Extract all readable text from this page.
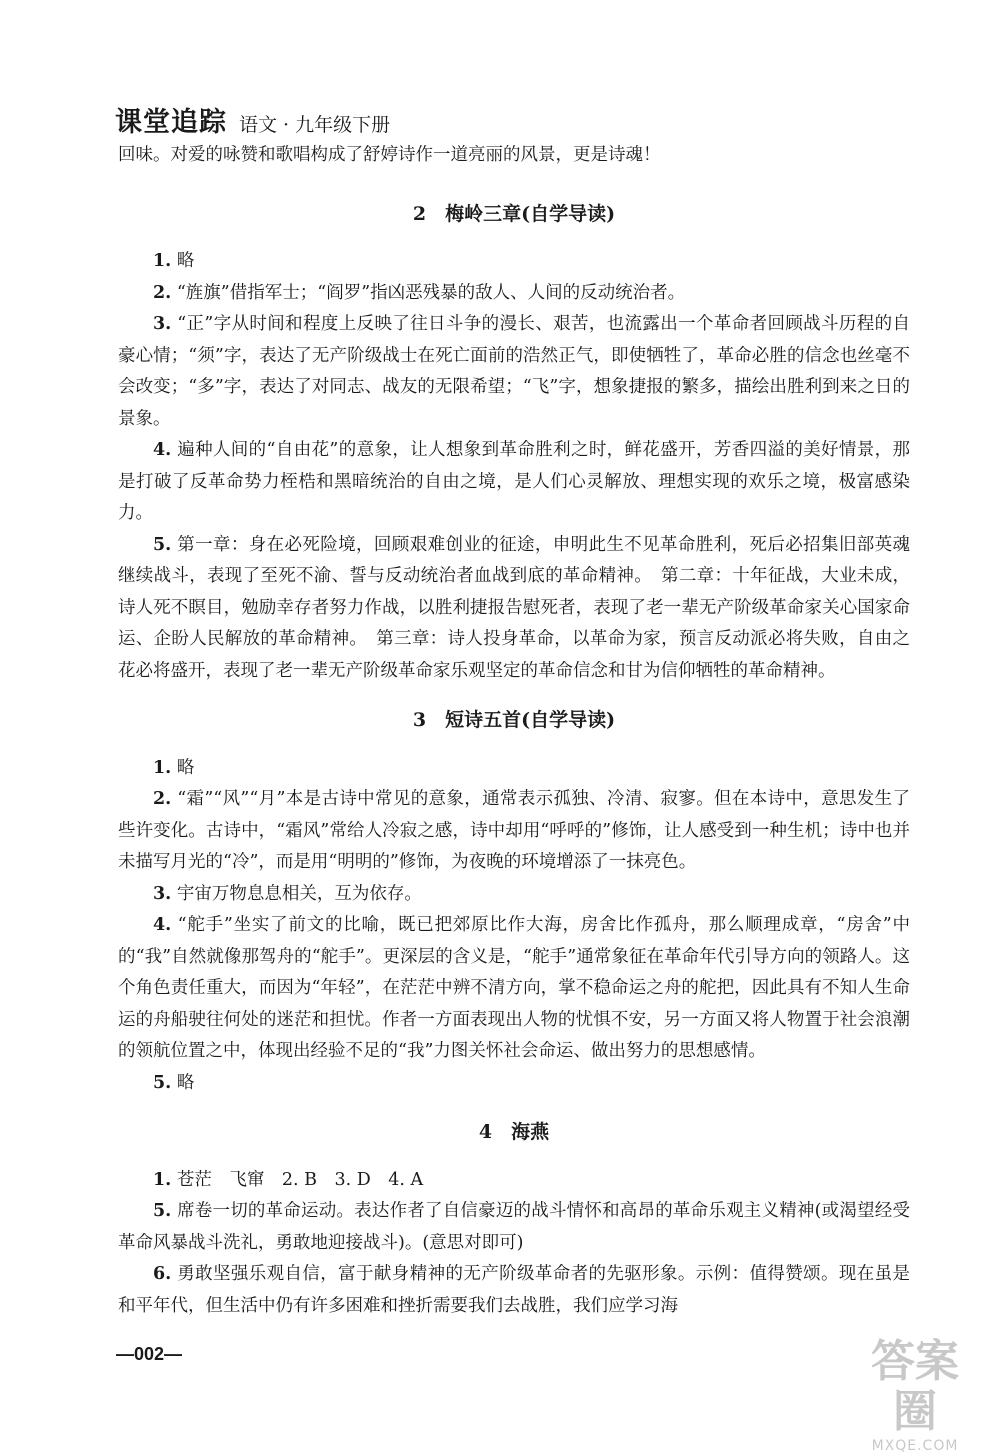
课堂追踪 语文 · 九年级下册

回味。对爱的咏赞和歌唱构成了舒婷诗作一道亮丽的风景，更是诗魂！

2　梅岭三章(自学导读)

1. 略

2. “旌旗”借指军士；“阎罗”指凶恶残暴的敌人、人间的反动统治者。

3. “正”字从时间和程度上反映了往日斗争的漫长、艰苦，也流露出一个革命者回顾战斗历程的自豪心情；“须”字，表达了无产阶级战士在死亡面前的浩然正气，即使牺牲了，革命必胜的信念也丝毫不会改变；“多”字，表达了对同志、战友的无限希望；“飞”字，想象捷报的繁多，描绘出胜利到来之日的景象。

4. 遍种人间的“自由花”的意象，让人想象到革命胜利之时，鲜花盛开，芳香四溢的美好情景，那是打破了反革命势力桎梏和黑暗统治的自由之境，是人们心灵解放、理想实现的欢乐之境，极富感染力。

5. 第一章：身在必死险境，回顾艰难创业的征途，申明此生不见革命胜利，死后必招集旧部英魂继续战斗，表现了至死不渝、誓与反动统治者血战到底的革命精神。　第二章：十年征战，大业未成，诗人死不瞑目，勉励幸存者努力作战，以胜利捷报告慰死者，表现了老一辈无产阶级革命家关心国家命运、企盼人民解放的革命精神。　第三章：诗人投身革命，以革命为家，预言反动派必将失败，自由之花必将盛开，表现了老一辈无产阶级革命家乐观坚定的革命信念和甘为信仰牺牲的革命精神。

3　短诗五首(自学导读)

1. 略

2. “霜”“风”“月”本是古诗中常见的意象，通常表示孤独、冷清、寂寥。但在本诗中，意思发生了些许变化。古诗中，“霜风”常给人冷寂之感，诗中却用“呼呼的”修饰，让人感受到一种生机；诗中也并未描写月光的“冷”，而是用“明明的”修饰，为夜晚的环境增添了一抹亮色。

3. 宇宙万物息息相关，互为依存。

4. “舵手”坐实了前文的比喻，既已把郊原比作大海，房舍比作孤舟，那么顺理成章，“房舍”中的“我”自然就像那驾舟的“舵手”。更深层的含义是，“舵手”通常象征在革命年代引导方向的领路人。这个角色责任重大，而因为“年轻”，在茫茫中辨不清方向，掌不稳命运之舟的舵把，因此具有不知人生命运的舟船驶往何处的迷茫和担忧。作者一方面表现出人物的忧惧不安，另一方面又将人物置于社会浪潮的领航位置之中，体现出经验不足的“我”力图关怀社会命运、做出努力的思想感情。

5. 略

4　海燕

1. 苍茫　飞窜　2. B　3. D　4. A

5. 席卷一切的革命运动。表达作者了自信豪迈的战斗情怀和高昂的革命乐观主义精神(或渴望经受革命风暴战斗洗礼，勇敢地迎接战斗)。(意思对即可)

6. 勇敢坚强乐观自信，富于献身精神的无产阶级革命者的先驱形象。示例：值得赞颂。现在虽是和平年代，但生活中仍有许多困难和挫折需要我们去战胜，我们应学习海

—002—	答案圈
MXQE.COM
